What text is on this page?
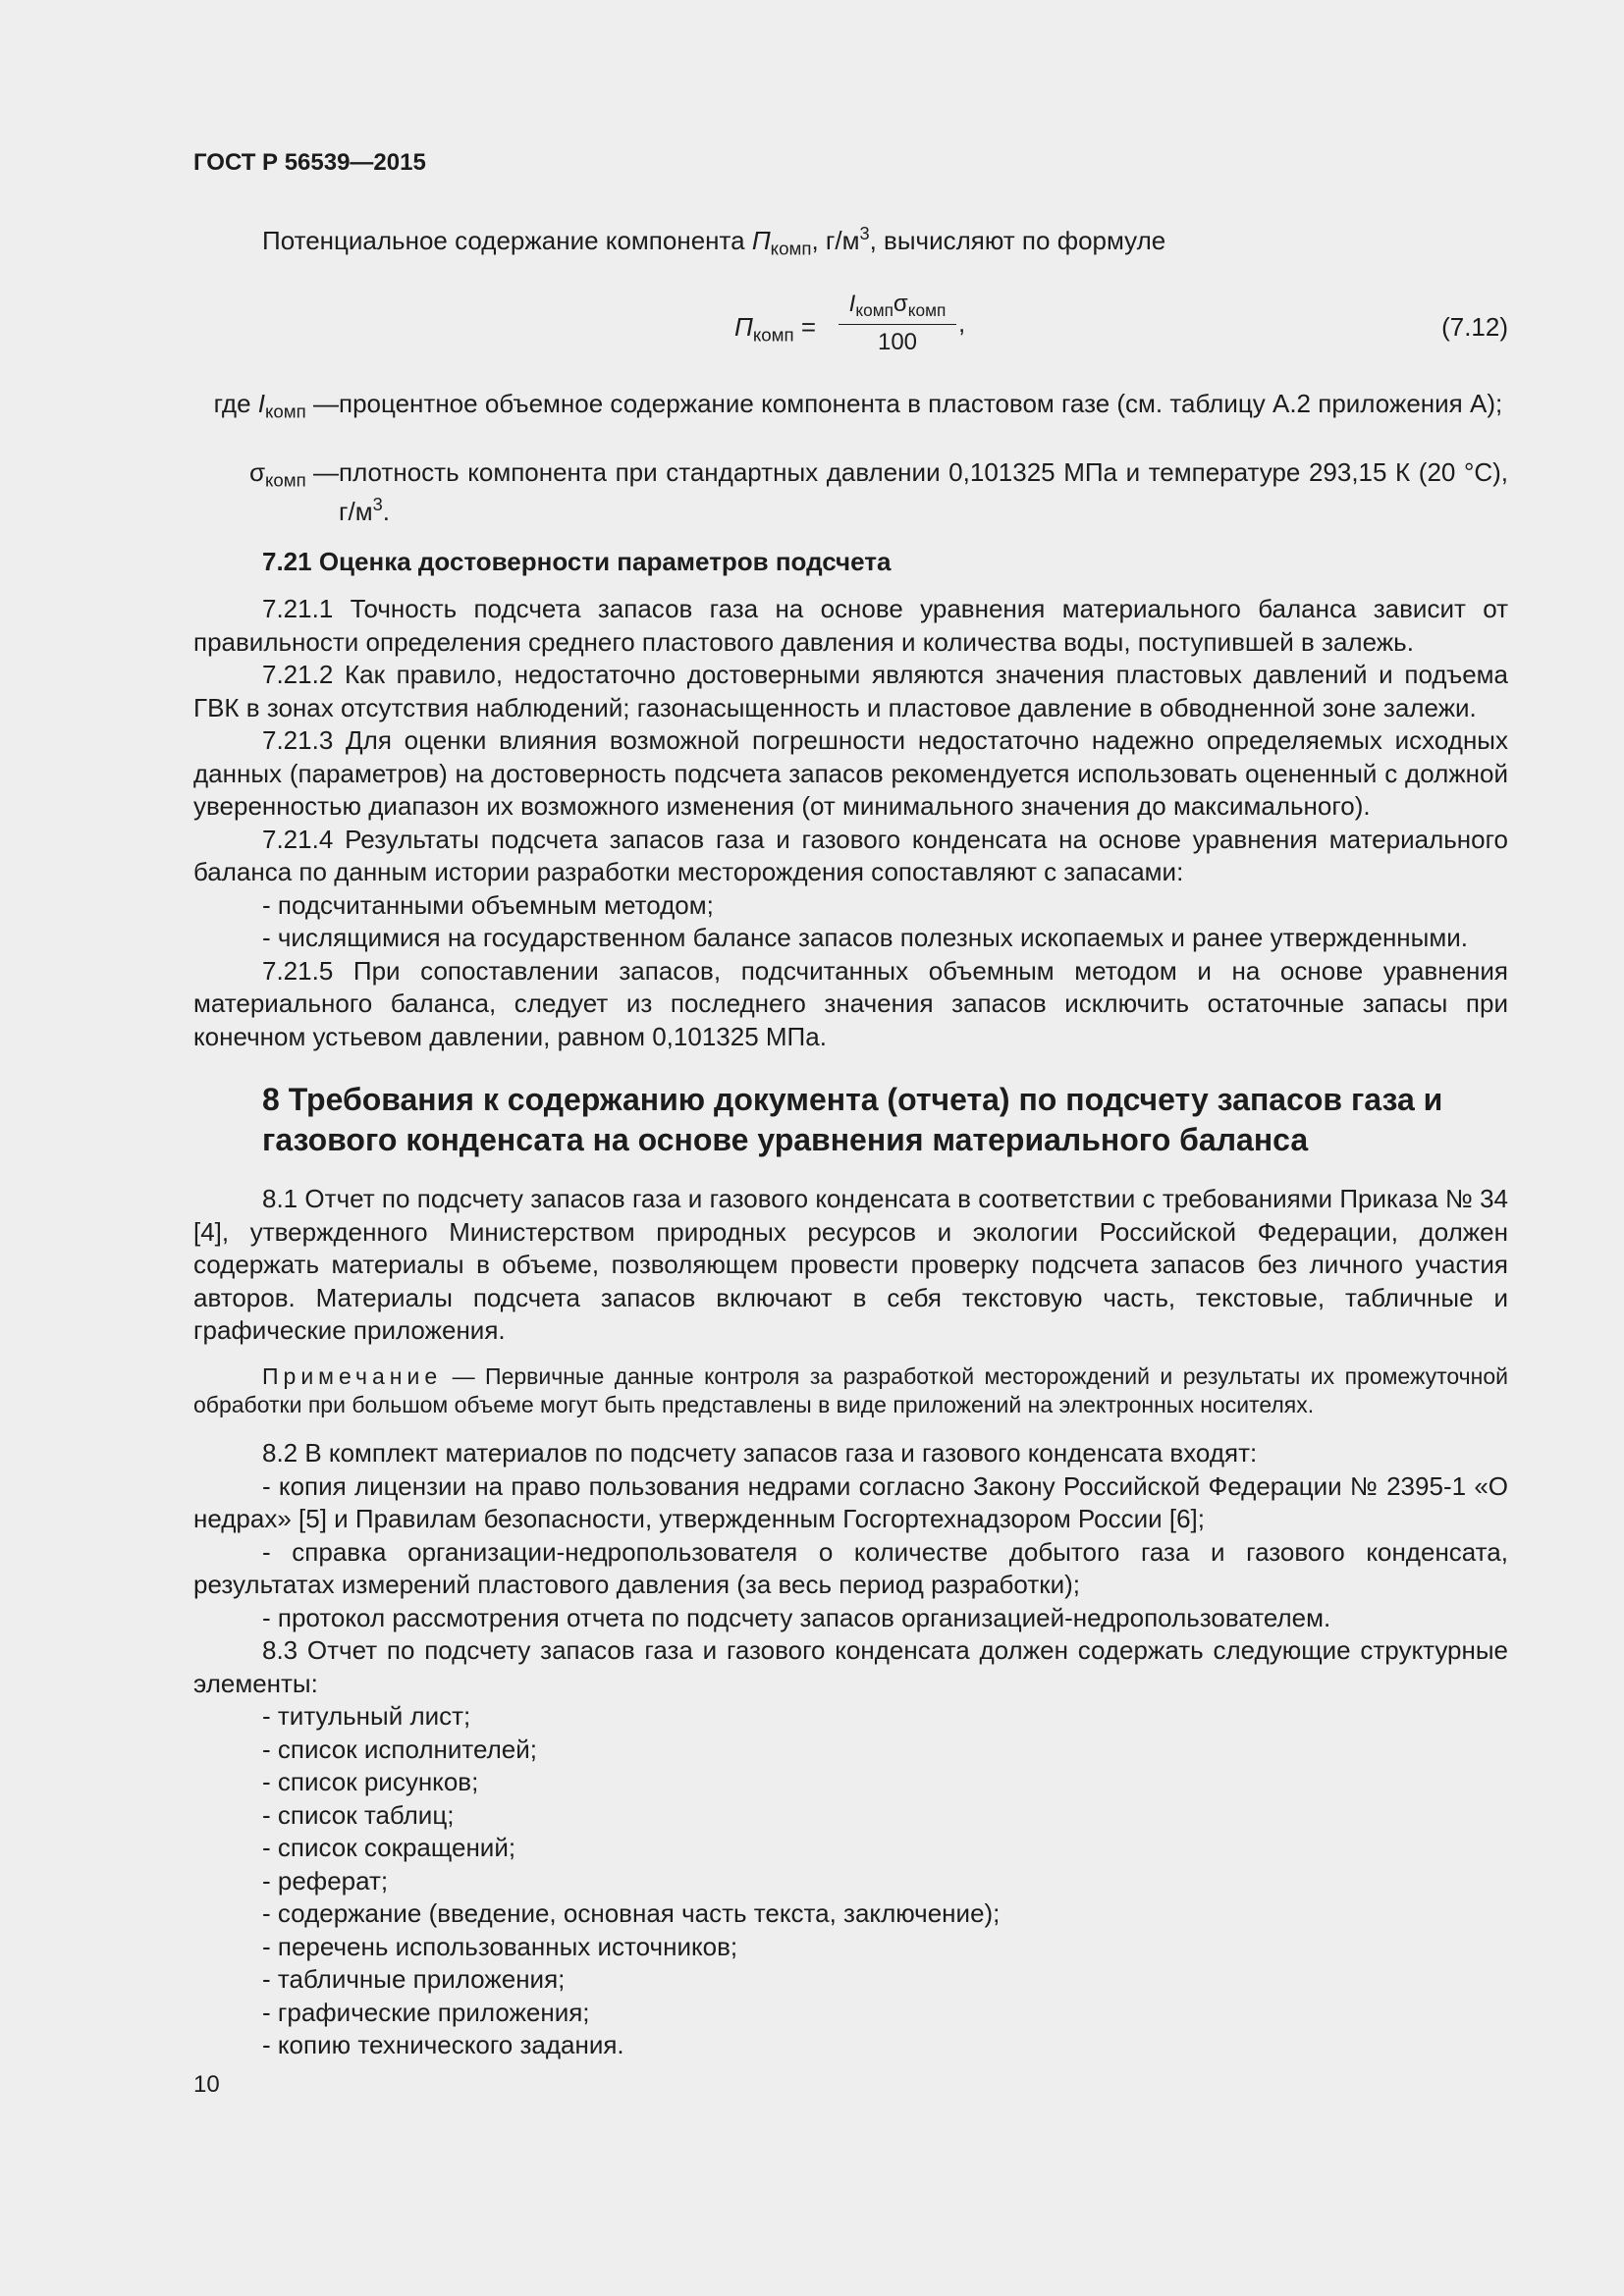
ГОСТ Р 56539—2015
Потенциальное содержание компонента $П_{комп}$, $г/м^3$, вычисляют по формуле
$П_{комп}$ =
$I_{комп}\sigma_{комп}$
100
,	(7.12)
где $I_{комп}$ — процентное объемное содержание компонента в пластовом газе (см. таблицу А.2 приложения А);
$\sigma_{комп}$ — плотность компонента при стандартных давлении 0,101325 МПа и температуре 293,15 К (20 °С), $г/м^3$.
7.21 Оценка достоверности параметров подсчета

7.21.1 Точность подсчета запасов газа на основе уравнения материального баланса зависит от правильности определения среднего пластового давления и количества воды, поступившей в залежь.

7.21.2 Как правило, недостаточно достоверными являются значения пластовых давлений и подъема ГВК в зонах отсутствия наблюдений; газонасыщенность и пластовое давление в обводненной зоне залежи.

7.21.3 Для оценки влияния возможной погрешности недостаточно надежно определяемых исходных данных (параметров) на достоверность подсчета запасов рекомендуется использовать оцененный с должной уверенностью диапазон их возможного изменения (от минимального значения до максимального).

7.21.4 Результаты подсчета запасов газа и газового конденсата на основе уравнения материального баланса по данным истории разработки месторождения сопоставляют с запасами:

- подсчитанными объемным методом;

- числящимися на государственном балансе запасов полезных ископаемых и ранее утвержденными.

7.21.5 При сопоставлении запасов, подсчитанных объемным методом и на основе уравнения материального баланса, следует из последнего значения запасов исключить остаточные запасы при конечном устьевом давлении, равном 0,101325 МПа.

8 Требования к содержанию документа (отчета) по подсчету запасов газа и газового конденсата на основе уравнения материального баланса

8.1 Отчет по подсчету запасов газа и газового конденсата в соответствии с требованиями Приказа № 34 [4], утвержденного Министерством природных ресурсов и экологии Российской Федерации, должен содержать материалы в объеме, позволяющем провести проверку подсчета запасов без личного участия авторов. Материалы подсчета запасов включают в себя текстовую часть, текстовые, табличные и графические приложения.

Примечание — Первичные данные контроля за разработкой месторождений и результаты их промежуточной обработки при большом объеме могут быть представлены в виде приложений на электронных носителях.

8.2 В комплект материалов по подсчету запасов газа и газового конденсата входят:

- копия лицензии на право пользования недрами согласно Закону Российской Федерации № 2395-1 «О недрах» [5] и Правилам безопасности, утвержденным Госгортехнадзором России [6];

- справка организации-недропользователя о количестве добытого газа и газового конденсата, результатах измерений пластового давления (за весь период разработки);

- протокол рассмотрения отчета по подсчету запасов организацией-недропользователем.

8.3 Отчет по подсчету запасов газа и газового конденсата должен содержать следующие структурные элементы:

- титульный лист;

- список исполнителей;

- список рисунков;

- список таблиц;

- список сокращений;

- реферат;

- содержание (введение, основная часть текста, заключение);

- перечень использованных источников;

- табличные приложения;

- графические приложения;

- копию технического задания.

10
